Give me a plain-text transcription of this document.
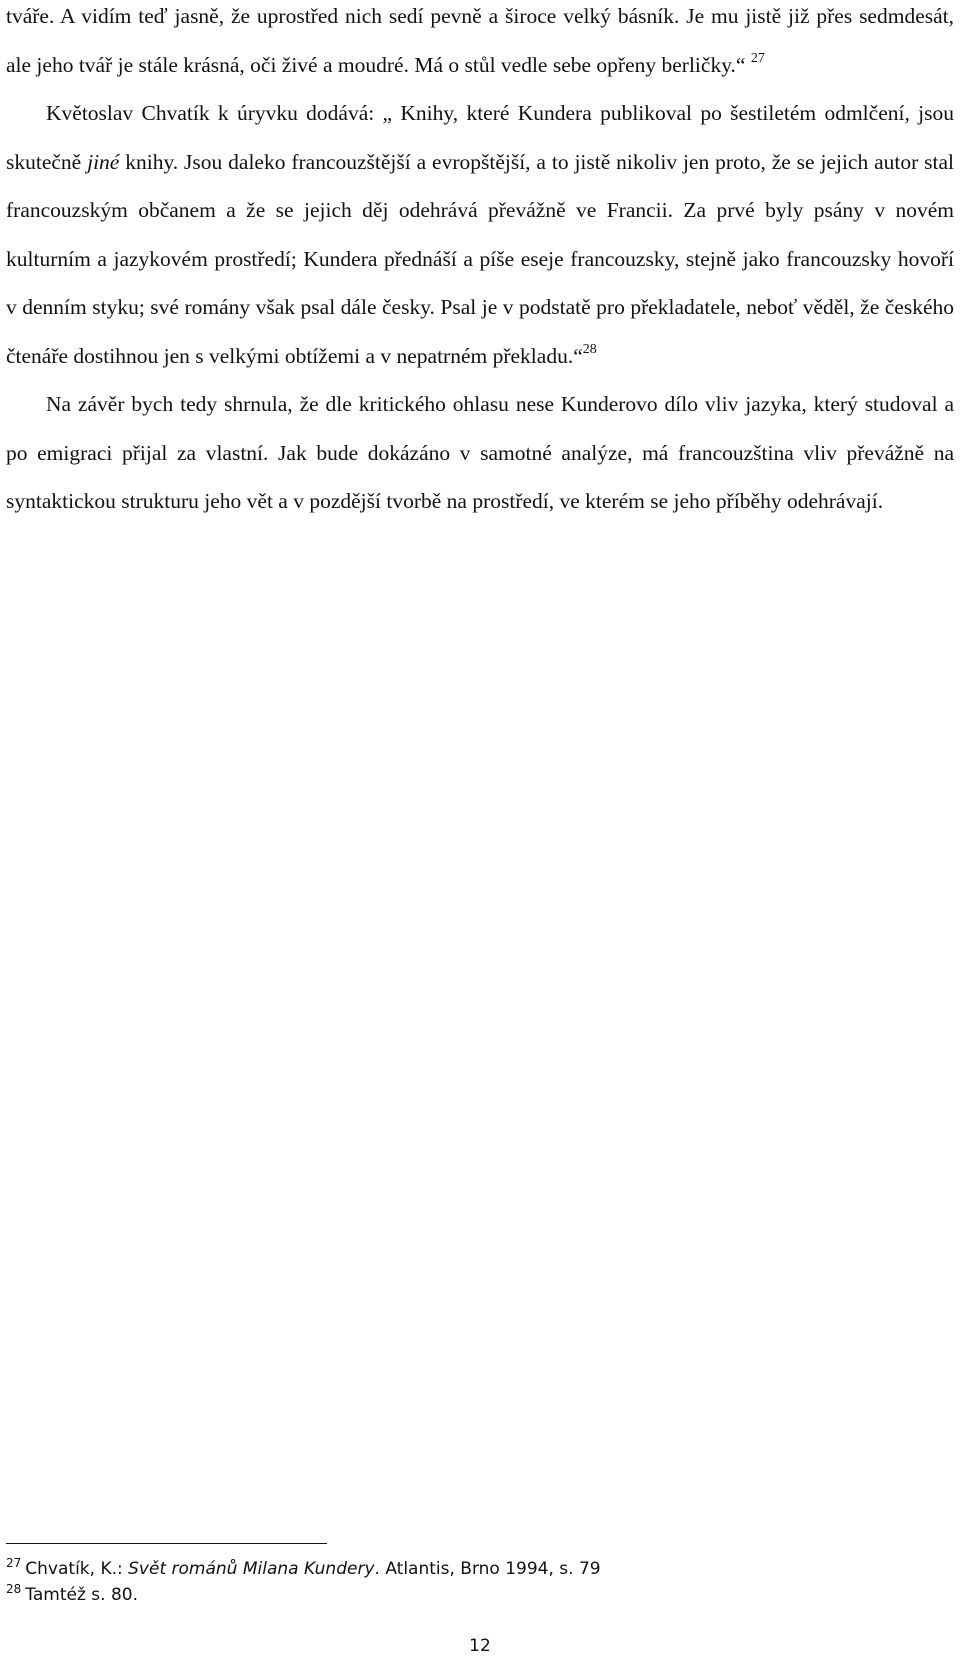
tváře. A vidím teď jasně, že uprostřed nich sedí pevně a široce velký básník. Je mu jistě již přes sedmdesát, ale jeho tvář je stále krásná, oči živé a moudré. Má o stůl vedle sebe opřeny berličky.“ $^{27}$

Květoslav Chvatík k úryvku dodává: „ Knihy, které Kundera publikoval po šestiletém odmlčení, jsou skutečně jiné knihy. Jsou daleko francouzštější a evropštější, a to jistě nikoliv jen proto, že se jejich autor stal francouzským občanem a že se jejich děj odehrává převážně ve Francii. Za prvé byly psány v novém kulturním a jazykovém prostředí; Kundera přednáší a píše eseje francouzsky, stejně jako francouzsky hovoří v denním styku; své romány však psal dále česky. Psal je v podstatě pro překladatele, neboť věděl, že českého čtenáře dostihnou jen s velkými obtížemi a v nepatrném překladu.“$^{28}$

Na závěr bych tedy shrnula, že dle kritického ohlasu nese Kunderovo dílo vliv jazyka, který studoval a po emigraci přijal za vlastní. Jak bude dokázáno v samotné analýze, má francouzština vliv převážně na syntaktickou strukturu jeho vět a v pozdější tvorbě na prostředí, ve kterém se jeho příběhy odehrávají.

$^{27}$ Chvatík, K.: Svět románů Milana Kundery. Atlantis, Brno 1994, s. 79

$^{28}$ Tamtéž s. 80.

12
